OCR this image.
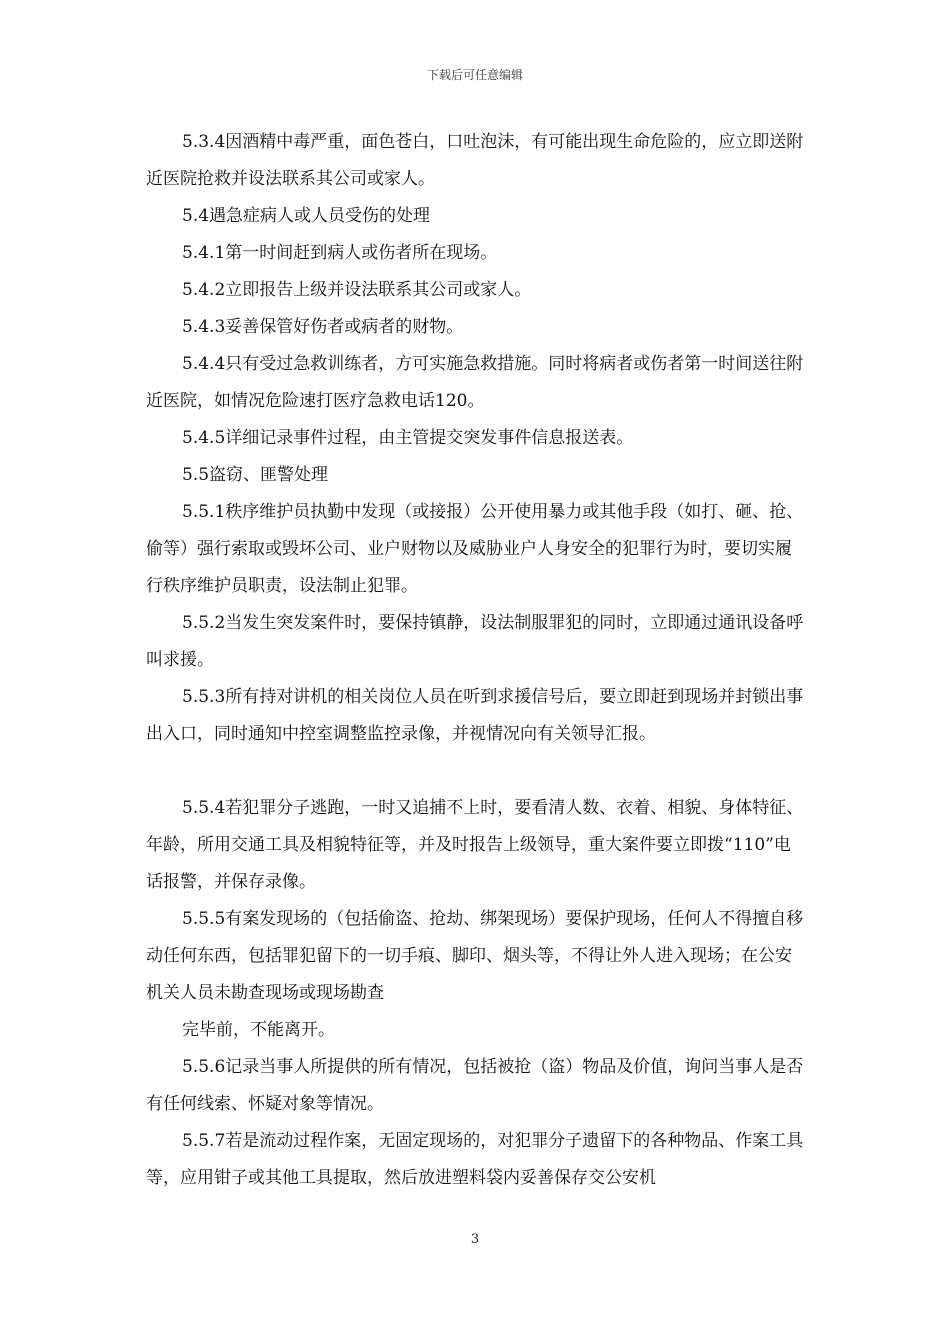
下载后可任意编辑

5.3.4因酒精中毒严重，面色苍白，口吐泡沫，有可能出现生命危险的，应立即送附近医院抢救并设法联系其公司或家人。

5.4遇急症病人或人员受伤的处理

5.4.1第一时间赶到病人或伤者所在现场。

5.4.2立即报告上级并设法联系其公司或家人。

5.4.3妥善保管好伤者或病者的财物。

5.4.4只有受过急救训练者，方可实施急救措施。同时将病者或伤者第一时间送往附近医院，如情况危险速打医疗急救电话120。

5.4.5详细记录事件过程，由主管提交突发事件信息报送表。

5.5盗窃、匪警处理

5.5.1秩序维护员执勤中发现（或接报）公开使用暴力或其他手段（如打、砸、抢、偷等）强行索取或毁坏公司、业户财物以及威胁业户人身安全的犯罪行为时，要切实履行秩序维护员职责，设法制止犯罪。

5.5.2当发生突发案件时，要保持镇静，设法制服罪犯的同时，立即通过通讯设备呼叫求援。

5.5.3所有持对讲机的相关岗位人员在听到求援信号后，要立即赶到现场并封锁出事出入口，同时通知中控室调整监控录像，并视情况向有关领导汇报。

5.5.4若犯罪分子逃跑，一时又追捕不上时，要看清人数、衣着、相貌、身体特征、年龄，所用交通工具及相貌特征等，并及时报告上级领导，重大案件要立即拨“110”电话报警，并保存录像。

5.5.5有案发现场的（包括偷盗、抢劫、绑架现场）要保护现场，任何人不得擅自移动任何东西，包括罪犯留下的一切手痕、脚印、烟头等，不得让外人进入现场；在公安机关人员未勘查现场或现场勘查

完毕前，不能离开。

5.5.6记录当事人所提供的所有情况，包括被抢（盗）物品及价值，询问当事人是否有任何线索、怀疑对象等情况。

5.5.7若是流动过程作案，无固定现场的，对犯罪分子遗留下的各种物品、作案工具等，应用钳子或其他工具提取，然后放进塑料袋内妥善保存交公安机

3
